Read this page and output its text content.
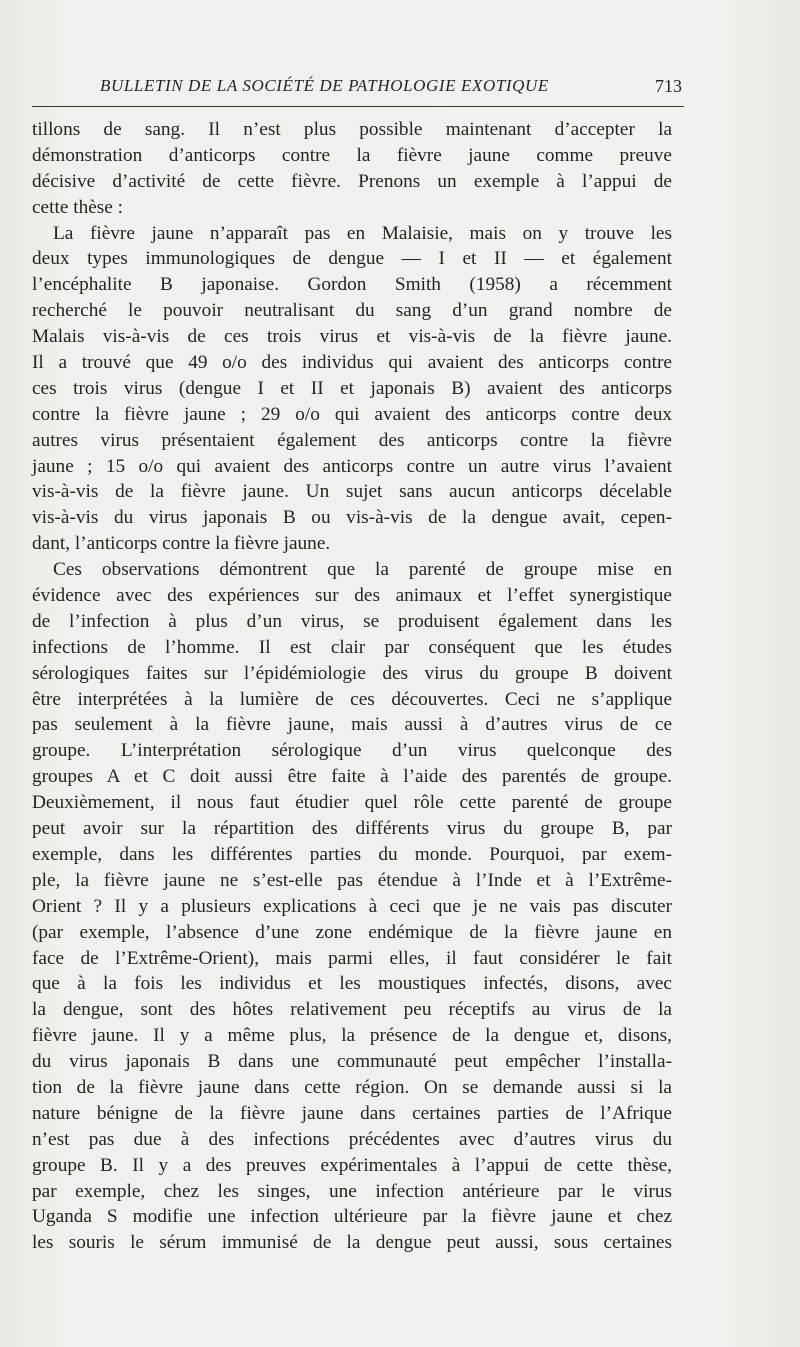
BULLETIN DE LA SOCIÉTÉ DE PATHOLOGIE EXOTIQUE	713
tillons de sang. Il n’est plus possible maintenant d’accepter la
démonstration d’anticorps contre la fièvre jaune comme preuve
décisive d’activité de cette fièvre. Prenons un exemple à l’appui de
cette thèse :
La fièvre jaune n’apparaît pas en Malaisie, mais on y trouve les
deux types immunologiques de dengue — I et II — et également
l’encéphalite B japonaise. Gordon Smith (1958) a récemment
recherché le pouvoir neutralisant du sang d’un grand nombre de
Malais vis-à-vis de ces trois virus et vis-à-vis de la fièvre jaune.
Il a trouvé que 49 o/o des individus qui avaient des anticorps contre
ces trois virus (dengue I et II et japonais B) avaient des anticorps
contre la fièvre jaune ; 29 o/o qui avaient des anticorps contre deux
autres virus présentaient également des anticorps contre la fièvre
jaune ; 15 o/o qui avaient des anticorps contre un autre virus l’avaient
vis-à-vis de la fièvre jaune. Un sujet sans aucun anticorps décelable
vis-à-vis du virus japonais B ou vis-à-vis de la dengue avait, cepen-
dant, l’anticorps contre la fièvre jaune.
Ces observations démontrent que la parenté de groupe mise en
évidence avec des expériences sur des animaux et l’effet synergistique
de l’infection à plus d’un virus, se produisent également dans les
infections de l’homme. Il est clair par conséquent que les études
sérologiques faites sur l’épidémiologie des virus du groupe B doivent
être interprétées à la lumière de ces découvertes. Ceci ne s’applique
pas seulement à la fièvre jaune, mais aussi à d’autres virus de ce
groupe. L’interprétation sérologique d’un virus quelconque des
groupes A et C doit aussi être faite à l’aide des parentés de groupe.
Deuxièmement, il nous faut étudier quel rôle cette parenté de groupe
peut avoir sur la répartition des différents virus du groupe B, par
exemple, dans les différentes parties du monde. Pourquoi, par exem-
ple, la fièvre jaune ne s’est-elle pas étendue à l’Inde et à l’Extrême-
Orient ? Il y a plusieurs explications à ceci que je ne vais pas discuter
(par exemple, l’absence d’une zone endémique de la fièvre jaune en
face de l’Extrême-Orient), mais parmi elles, il faut considérer le fait
que à la fois les individus et les moustiques infectés, disons, avec
la dengue, sont des hôtes relativement peu réceptifs au virus de la
fièvre jaune. Il y a même plus, la présence de la dengue et, disons,
du virus japonais B dans une communauté peut empêcher l’installa-
tion de la fièvre jaune dans cette région. On se demande aussi si la
nature bénigne de la fièvre jaune dans certaines parties de l’Afrique
n’est pas due à des infections précédentes avec d’autres virus du
groupe B. Il y a des preuves expérimentales à l’appui de cette thèse,
par exemple, chez les singes, une infection antérieure par le virus
Uganda S modifie une infection ultérieure par la fièvre jaune et chez
les souris le sérum immunisé de la dengue peut aussi, sous certaines
